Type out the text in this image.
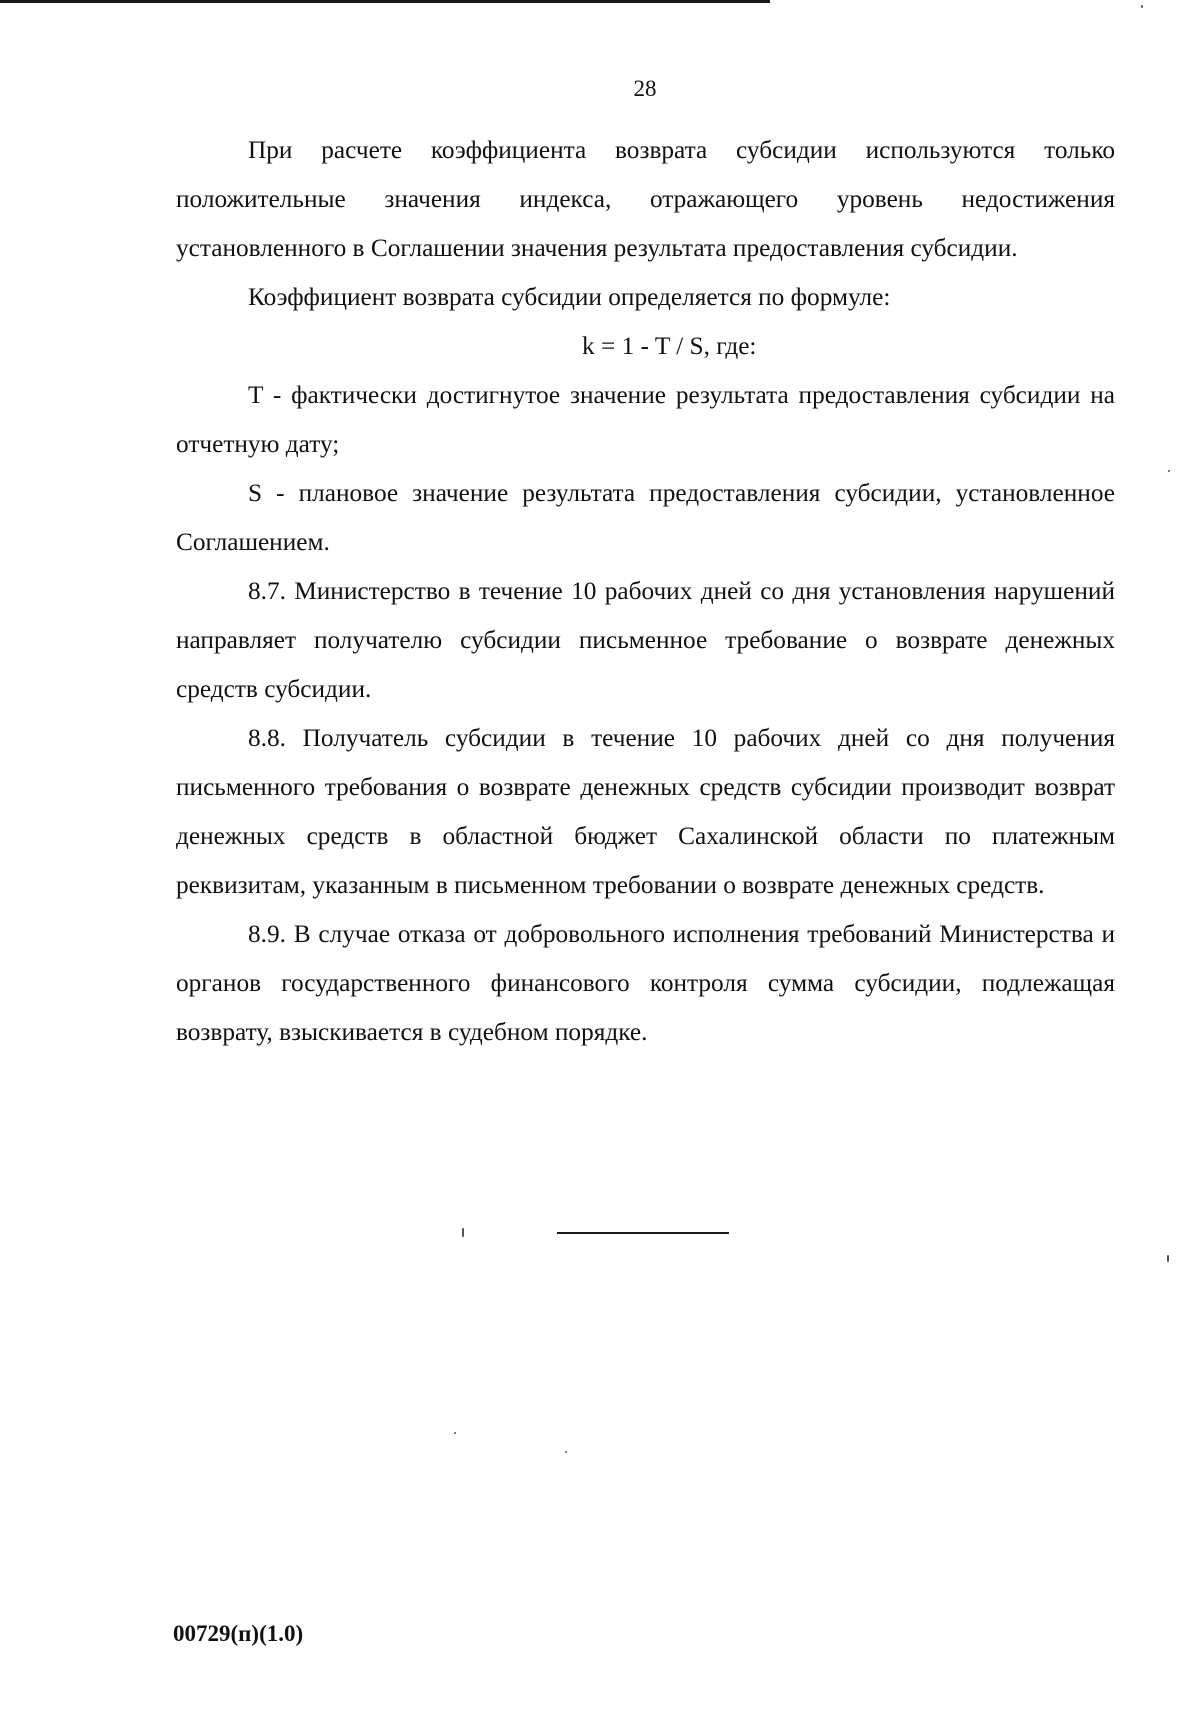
28

При расчете коэффициента возврата субсидии используются только положительные значения индекса, отражающего уровень недостижения установленного в Соглашении значения результата предоставления субсидии.

Коэффициент возврата субсидии определяется по формуле:

k = 1 - T / S, где:

T - фактически достигнутое значение результата предоставления субсидии на отчетную дату;

S - плановое значение результата предоставления субсидии, установленное Соглашением.

8.7. Министерство в течение 10 рабочих дней со дня установления нарушений направляет получателю субсидии письменное требование о возврате денежных средств субсидии.

8.8. Получатель субсидии в течение 10 рабочих дней со дня получения письменного требования о возврате денежных средств субсидии производит возврат денежных средств в областной бюджет Сахалинской области по платежным реквизитам, указанным в письменном требовании о возврате денежных средств.

8.9. В случае отказа от добровольного исполнения требований Министерства и органов государственного финансового контроля сумма субсидии, подлежащая возврату, взыскивается в судебном порядке.

00729(п)(1.0)
